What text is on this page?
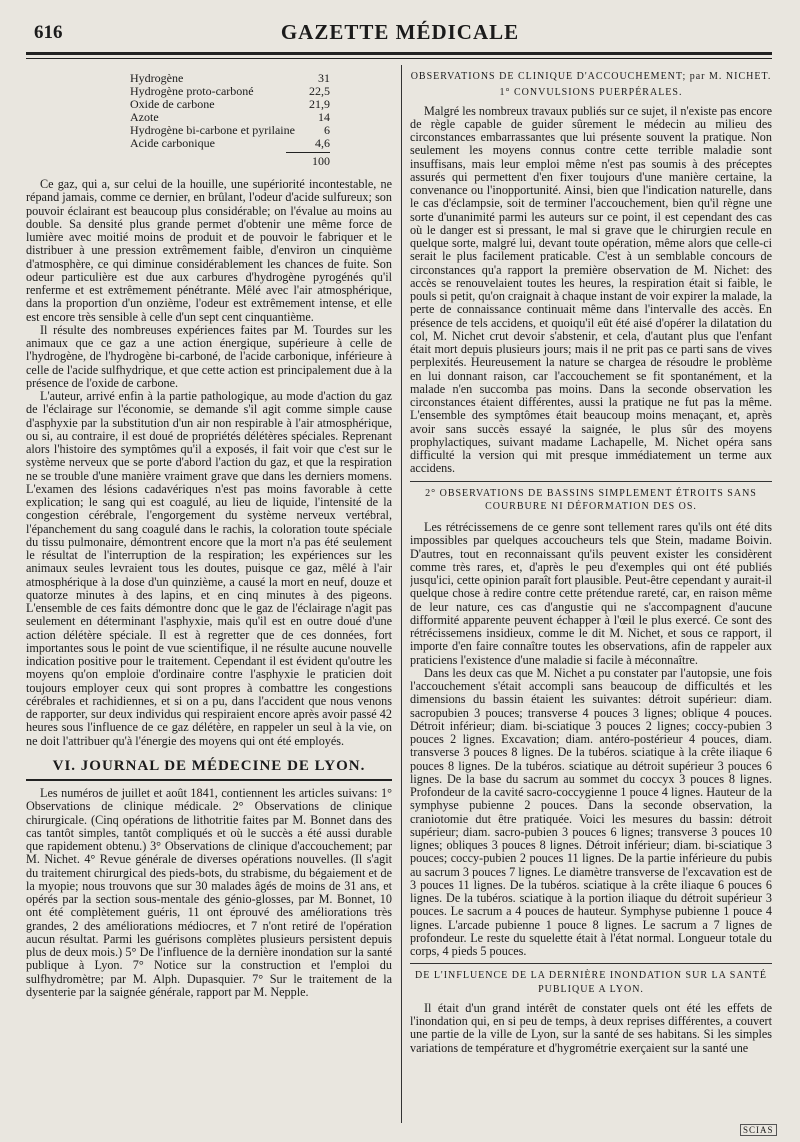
616	GAZETTE MÉDICALE
Hydrogène	31
Hydrogène proto-carboné	22,5
Oxide de carbone	21,9
Azote	14
Hydrogène bi-carbone et pyrilaine	6
Acide carbonique	4,6
100

Ce gaz, qui a, sur celui de la houille, une supériorité incontestable, ne répand jamais, comme ce dernier, en brûlant, l'odeur d'acide sulfureux; son pouvoir éclairant est beaucoup plus considérable; on l'évalue au moins au double. Sa densité plus grande permet d'obtenir une même force de lumière avec moitié moins de produit et de pouvoir le fabriquer et le distribuer à une pression extrêmement faible, d'environ un cinquième d'atmosphère, ce qui diminue considérablement les chances de fuite. Son odeur particulière est due aux carbures d'hydrogène pyrogénés qu'il renferme et est extrêmement pénétrante. Mêlé avec l'air atmosphérique, dans la proportion d'un onzième, l'odeur est extrêmement intense, et elle est encore très sensible à celle d'un sept cent cinquantième.

Il résulte des nombreuses expériences faites par M. Tourdes sur les animaux que ce gaz a une action énergique, supérieure à celle de l'hydrogène, de l'hydrogène bi-carboné, de l'acide carbonique, inférieure à celle de l'acide sulfhydrique, et que cette action est principalement due à la présence de l'oxide de carbone.

L'auteur, arrivé enfin à la partie pathologique, au mode d'action du gaz de l'éclairage sur l'économie, se demande s'il agit comme simple cause d'asphyxie par la substitution d'un air non respirable à l'air atmosphérique, ou si, au contraire, il est doué de propriétés délétères spéciales. Reprenant alors l'histoire des symptômes qu'il a exposés, il fait voir que c'est sur le système nerveux que se porte d'abord l'action du gaz, et que la respiration ne se trouble d'une manière vraiment grave que dans les derniers momens. L'examen des lésions cadavériques n'est pas moins favorable à cette explication; le sang qui est coagulé, au lieu de liquide, l'intensité de la congestion cérébrale, l'engorgement du système nerveux vertébral, l'épanchement du sang coagulé dans le rachis, la coloration toute spéciale du tissu pulmonaire, démontrent encore que la mort n'a pas été seulement le résultat de l'interruption de la respiration; les expériences sur les animaux seules levraient tous les doutes, puisque ce gaz, mêlé à l'air atmosphérique à la dose d'un quinzième, a causé la mort en neuf, douze et quatorze minutes à des lapins, et en cinq minutes à des pigeons. L'ensemble de ces faits démontre donc que le gaz de l'éclairage n'agit pas seulement en déterminant l'asphyxie, mais qu'il est en outre doué d'une action délétère spéciale. Il est à regretter que de ces données, fort importantes sous le point de vue scientifique, il ne résulte aucune nouvelle indication positive pour le traitement. Cependant il est évident qu'outre les moyens qu'on emploie d'ordinaire contre l'asphyxie le praticien doit toujours employer ceux qui sont propres à combattre les congestions cérébrales et rachidiennes, et si on a pu, dans l'accident que nous venons de rapporter, sur deux individus qui respiraient encore après avoir passé 42 heures sous l'influence de ce gaz délétère, en rappeler un seul à la vie, on ne doit l'attribuer qu'à l'énergie des moyens qui ont été employés.

VI. JOURNAL DE MÉDECINE DE LYON.

Les numéros de juillet et août 1841, contiennent les articles suivans: 1° Observations de clinique médicale. 2° Observations de clinique chirurgicale. (Cinq opérations de lithotritie faites par M. Bonnet dans des cas tantôt simples, tantôt compliqués et où le succès a été aussi durable que rapidement obtenu.) 3° Observations de clinique d'accouchement; par M. Nichet. 4° Revue générale de diverses opérations nouvelles. (Il s'agit du traitement chirurgical des pieds-bots, du strabisme, du bégaiement et de la myopie; nous trouvons que sur 30 malades âgés de moins de 31 ans, et opérés par la section sous-mentale des génio-glosses, par M. Bonnet, 10 ont été complètement guéris, 11 ont éprouvé des améliorations très grandes, 2 des améliorations médiocres, et 7 n'ont retiré de l'opération aucun résultat. Parmi les guérisons complètes plusieurs persistent depuis plus de deux mois.) 5° De l'influence de la dernière inondation sur la santé publique à Lyon. 7° Notice sur la construction et l'emploi du sulfhydromètre; par M. Alph. Dupasquier. 7° Sur le traitement de la dysenterie par la saignée générale, rapport par M. Nepple.

OBSERVATIONS DE CLINIQUE D'ACCOUCHEMENT; par M. NICHET.
1° CONVULSIONS PUERPÉRALES.

Malgré les nombreux travaux publiés sur ce sujet, il n'existe pas encore de règle capable de guider sûrement le médecin au milieu des circonstances embarrassantes que lui présente souvent la pratique. Non seulement les moyens connus contre cette terrible maladie sont insuffisans, mais leur emploi même n'est pas soumis à des préceptes assurés qui permettent d'en fixer toujours d'une manière certaine, la convenance ou l'inopportunité. Ainsi, bien que l'indication naturelle, dans le cas d'éclampsie, soit de terminer l'accouchement, bien qu'il règne une sorte d'unanimité parmi les auteurs sur ce point, il est cependant des cas où le danger est si pressant, le mal si grave que le chirurgien recule en quelque sorte, malgré lui, devant toute opération, même alors que celle-ci serait le plus facilement praticable. C'est à un semblable concours de circonstances qu'a rapport la première observation de M. Nichet: des accès se renouvelaient toutes les heures, la respiration était si faible, le pouls si petit, qu'on craignait à chaque instant de voir expirer la malade, la perte de connaissance continuait même dans l'intervalle des accès. En présence de tels accidens, et quoiqu'il eût été aisé d'opérer la dilatation du col, M. Nichet crut devoir s'abstenir, et cela, d'autant plus que l'enfant était mort depuis plusieurs jours; mais il ne prit pas ce parti sans de vives perplexités. Heureusement la nature se chargea de résoudre le problème en lui donnant raison, car l'accouchement se fit spontanément, et la malade n'en succomba pas moins. Dans la seconde observation les circonstances étaient différentes, aussi la pratique ne fut pas la même. L'ensemble des symptômes était beaucoup moins menaçant, et, après avoir sans succès essayé la saignée, le plus sûr des moyens prophylactiques, suivant madame Lachapelle, M. Nichet opéra sans difficulté la version qui mit presque immédiatement un terme aux accidens.

2° OBSERVATIONS DE BASSINS SIMPLEMENT ÉTROITS SANS COURBURE NI DÉFORMATION DES OS.

Les rétrécissemens de ce genre sont tellement rares qu'ils ont été dits impossibles par quelques accoucheurs tels que Stein, madame Boivin. D'autres, tout en reconnaissant qu'ils peuvent exister les considèrent comme très rares, et, d'après le peu d'exemples qui ont été publiés jusqu'ici, cette opinion paraît fort plausible. Peut-être cependant y aurait-il quelque chose à redire contre cette prétendue rareté, car, en raison même de leur nature, ces cas d'angustie qui ne s'accompagnent d'aucune difformité apparente peuvent échapper à l'œil le plus exercé. Ce sont des rétrécissemens insidieux, comme le dit M. Nichet, et sous ce rapport, il importe d'en faire connaître toutes les observations, afin de rappeler aux praticiens l'existence d'une maladie si facile à méconnaître.

Dans les deux cas que M. Nichet a pu constater par l'autopsie, une fois l'accouchement s'était accompli sans beaucoup de difficultés et les dimensions du bassin étaient les suivantes: détroit supérieur: diam. sacropubien 3 pouces; transverse 4 pouces 3 lignes; oblique 4 pouces. Détroit inférieur; diam. bi-sciatique 3 pouces 2 lignes; coccy-pubien 3 pouces 2 lignes. Excavation; diam. antéro-postérieur 4 pouces, diam. transverse 3 pouces 8 lignes. De la tubéros. sciatique à la crête iliaque 6 pouces 8 lignes. De la tubéros. sciatique au détroit supérieur 3 pouces 6 lignes. De la base du sacrum au sommet du coccyx 3 pouces 8 lignes. Profondeur de la cavité sacro-coccygienne 1 pouce 4 lignes. Hauteur de la symphyse pubienne 2 pouces. Dans la seconde observation, la craniotomie dut être pratiquée. Voici les mesures du bassin: détroit supérieur; diam. sacro-pubien 3 pouces 6 lignes; transverse 3 pouces 10 lignes; obliques 3 pouces 8 lignes. Détroit inférieur; diam. bi-sciatique 3 pouces; coccy-pubien 2 pouces 11 lignes. De la partie inférieure du pubis au sacrum 3 pouces 7 lignes. Le diamètre transverse de l'excavation est de 3 pouces 11 lignes. De la tubéros. sciatique à la crête iliaque 6 pouces 6 lignes. De la tubéros. sciatique à la portion iliaque du détroit supérieur 3 pouces. Le sacrum a 4 pouces de hauteur. Symphyse pubienne 1 pouce 4 lignes. L'arcade pubienne 1 pouce 8 lignes. Le sacrum a 7 lignes de profondeur. Le reste du squelette était à l'état normal. Longueur totale du corps, 4 pieds 5 pouces.

DE L'INFLUENCE DE LA DERNIÈRE INONDATION SUR LA SANTÉ PUBLIQUE A LYON.

Il était d'un grand intérêt de constater quels ont été les effets de l'inondation qui, en si peu de temps, à deux reprises différentes, a couvert une partie de la ville de Lyon, sur la santé de ses habitans. Si les simples variations de température et d'hygrométrie exerçaient sur la santé une

SCIAS
